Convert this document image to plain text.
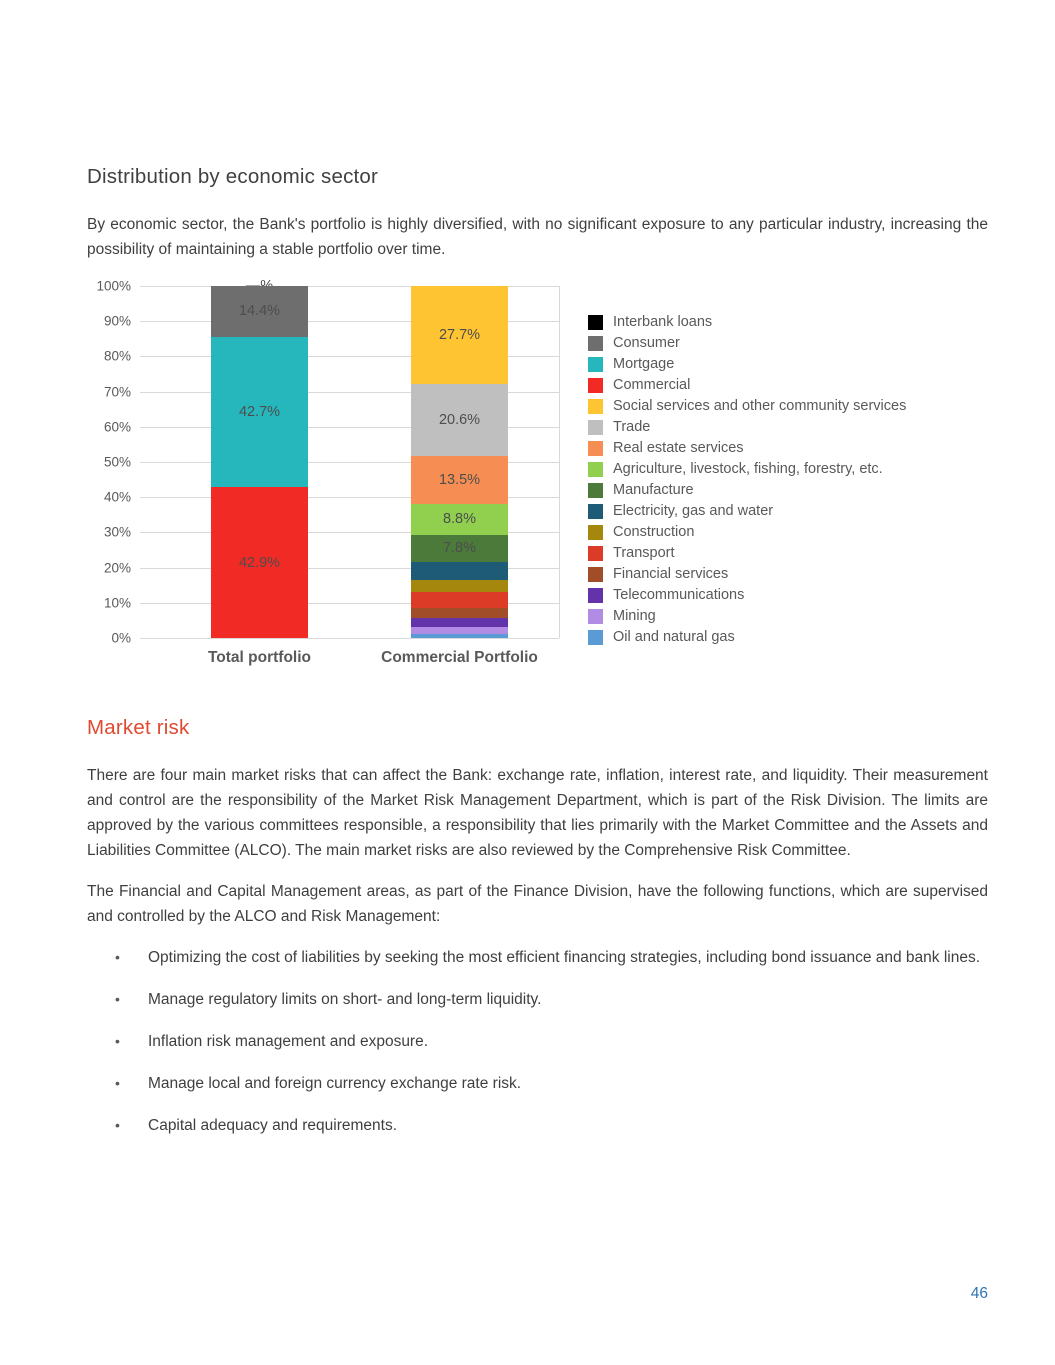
Distribution by economic sector

By economic sector, the Bank's portfolio is highly diversified, with no significant exposure to any particular industry, increasing the possibility of maintaining a stable portfolio over time.

0%
10%
20%
30%
40%
50%
60%
70%
80%
90%
100%
14.4%
42.7%
42.9%
Total portfolio
27.7%
20.6%
13.5%
8.8%
7.8%
Commercial Portfolio
Interbank loans
Consumer
Mortgage
Commercial
Social services and other community services
Trade
Real estate services
Agriculture, livestock, fishing, forestry, etc.
Manufacture
Electricity, gas and water
Construction
Transport
Financial services
Telecommunications
Mining
Oil and natural gas
Market risk

There are four main market risks that can affect the Bank: exchange rate, inflation, interest rate, and liquidity. Their measurement and control are the responsibility of the Market Risk Management Department, which is part of the Risk Division. The limits are approved by the various committees responsible, a responsibility that lies primarily with the Market Committee and the Assets and Liabilities Committee (ALCO). The main market risks are also reviewed by the Comprehensive Risk Committee.

The Financial and Capital Management areas, as part of the Finance Division, have the following functions, which are supervised and controlled by the ALCO and Risk Management:

• Optimizing the cost of liabilities by seeking the most efficient financing strategies, including bond issuance and bank lines.
• Manage regulatory limits on short- and long-term liquidity.
• Inflation risk management and exposure.
• Manage local and foreign currency exchange rate risk.
• Capital adequacy and requirements.
46
